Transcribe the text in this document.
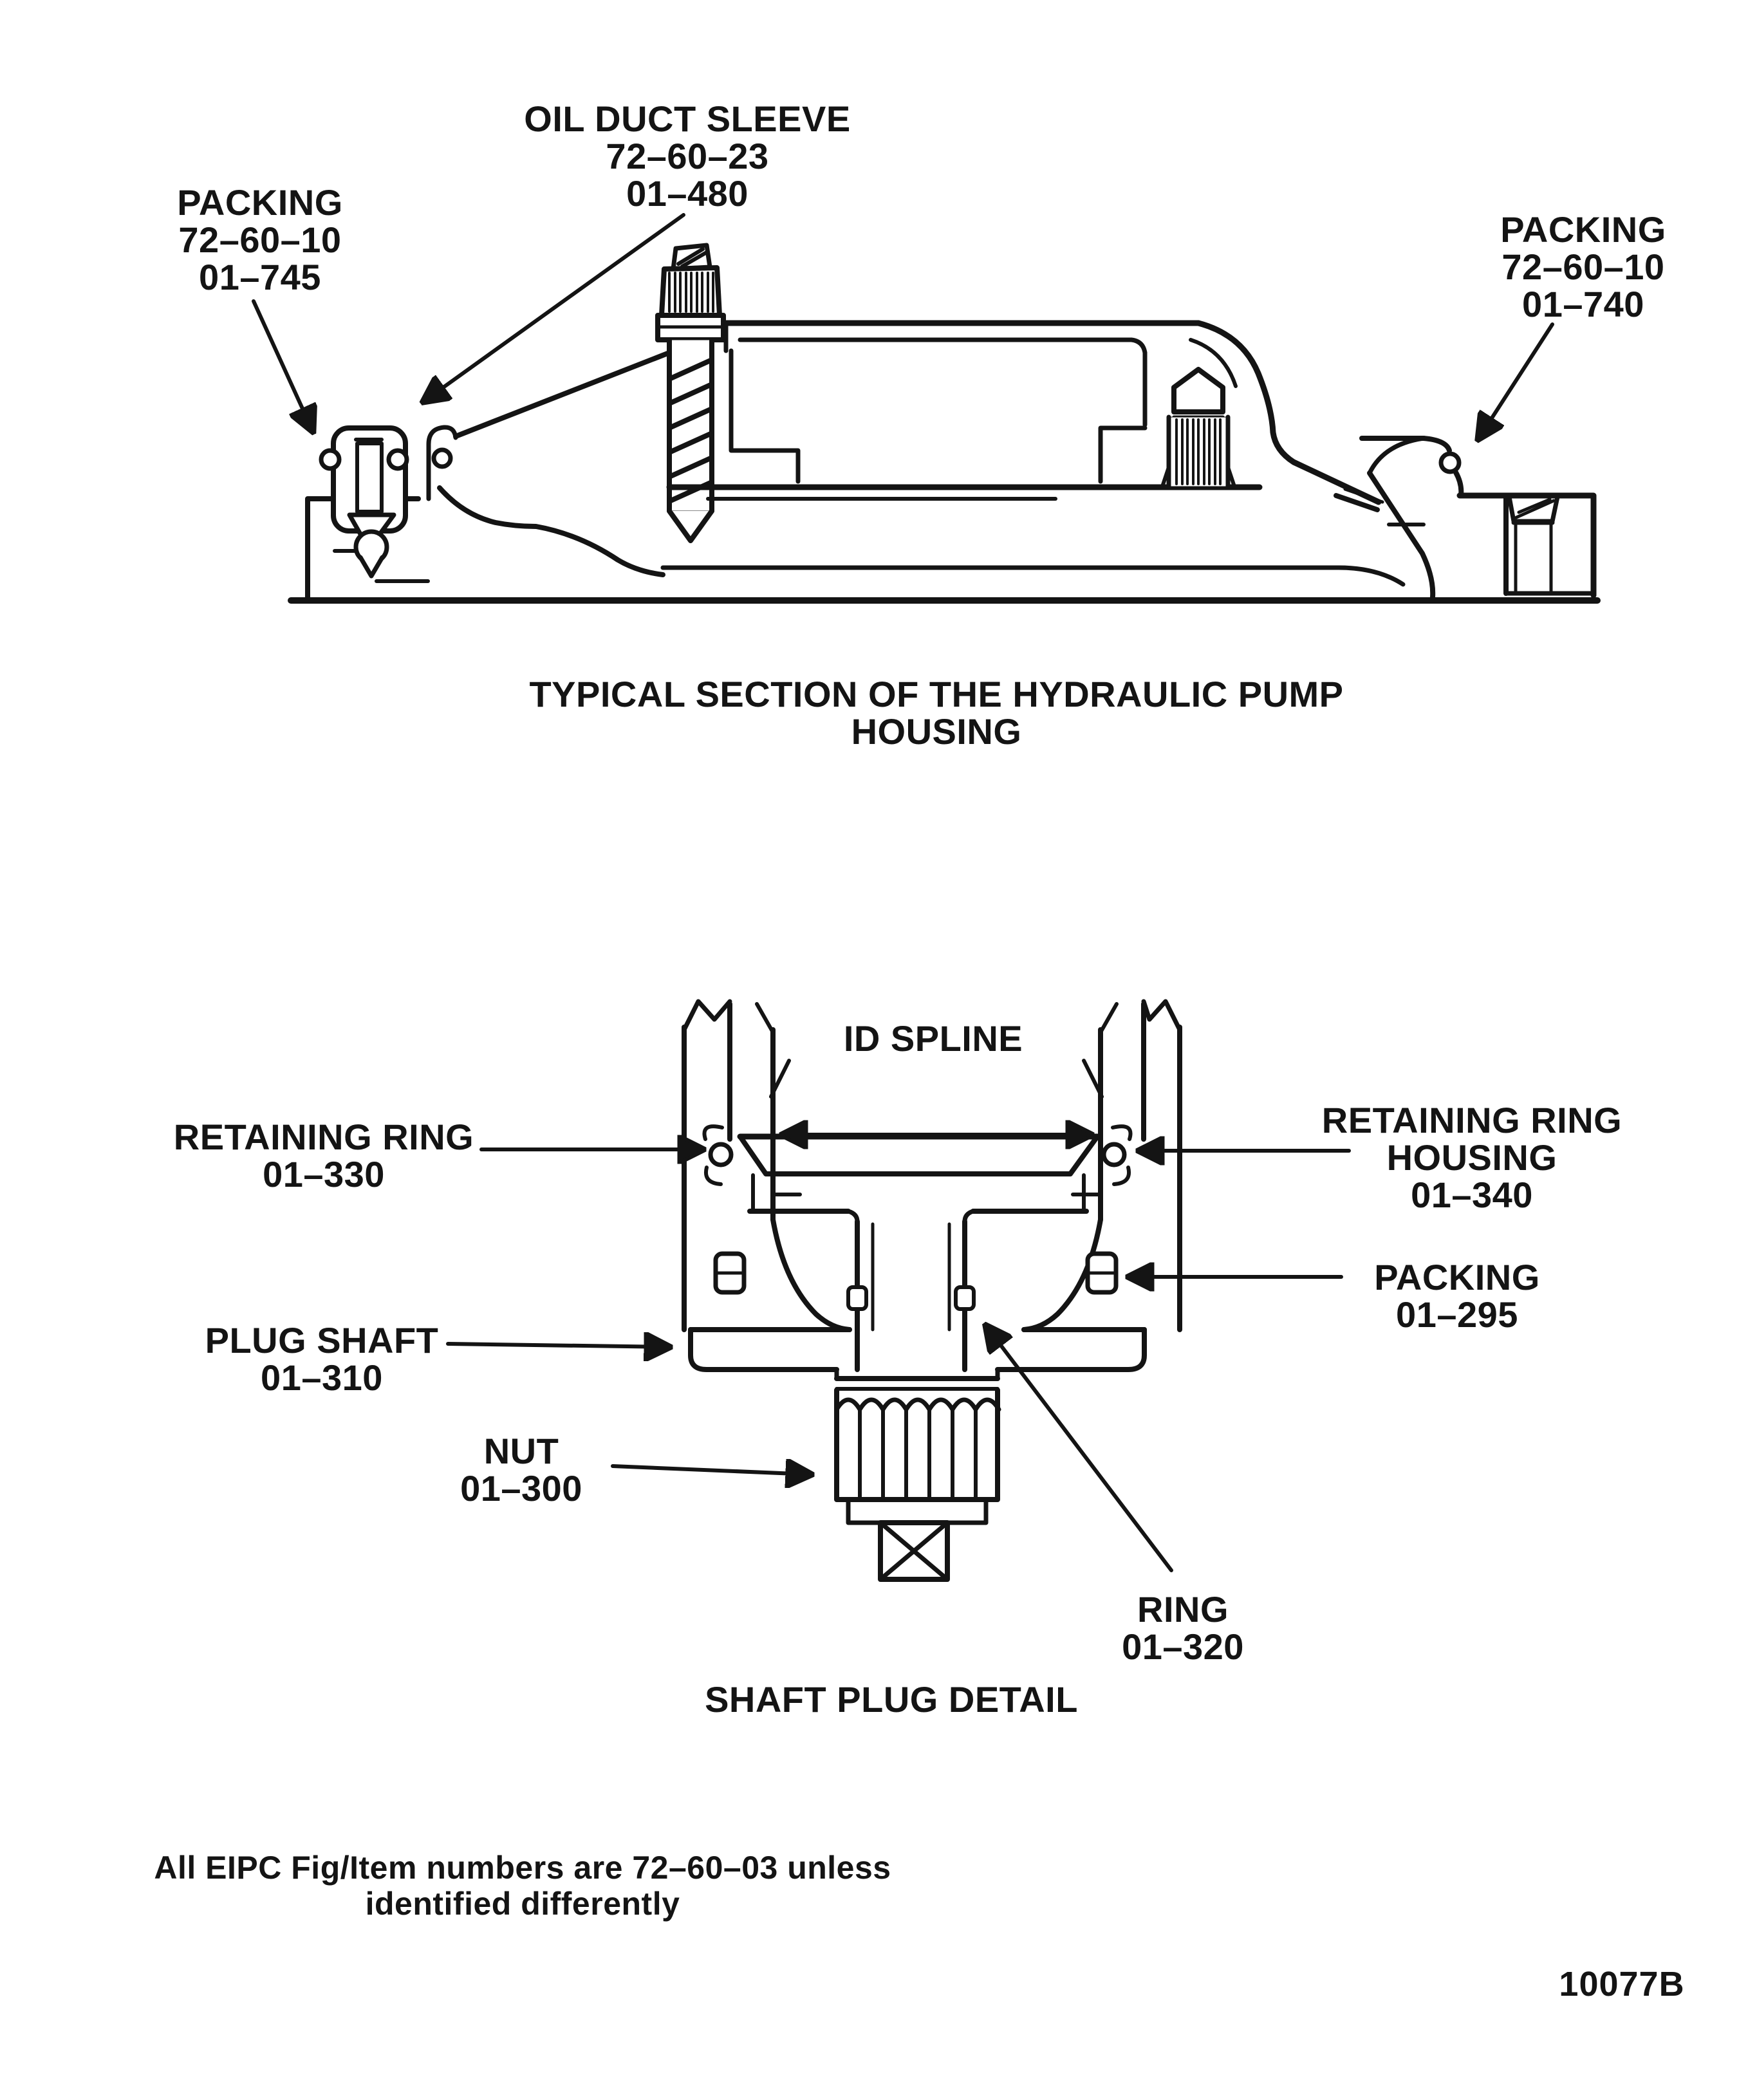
OIL DUCT SLEEVE
72–60–23
01–480
PACKING
72–60–10
01–745
PACKING
72–60–10
01–740
TYPICAL SECTION OF THE HYDRAULIC PUMP
HOUSING
ID SPLINE
RETAINING RING
01–330
RETAINING RING
HOUSING
01–340
PACKING
01–295
PLUG SHAFT
01–310
NUT
01–300
RING
01–320
SHAFT PLUG DETAIL
All EIPC Fig/Item numbers are 72–60–03 unless
identified differently
10077B
